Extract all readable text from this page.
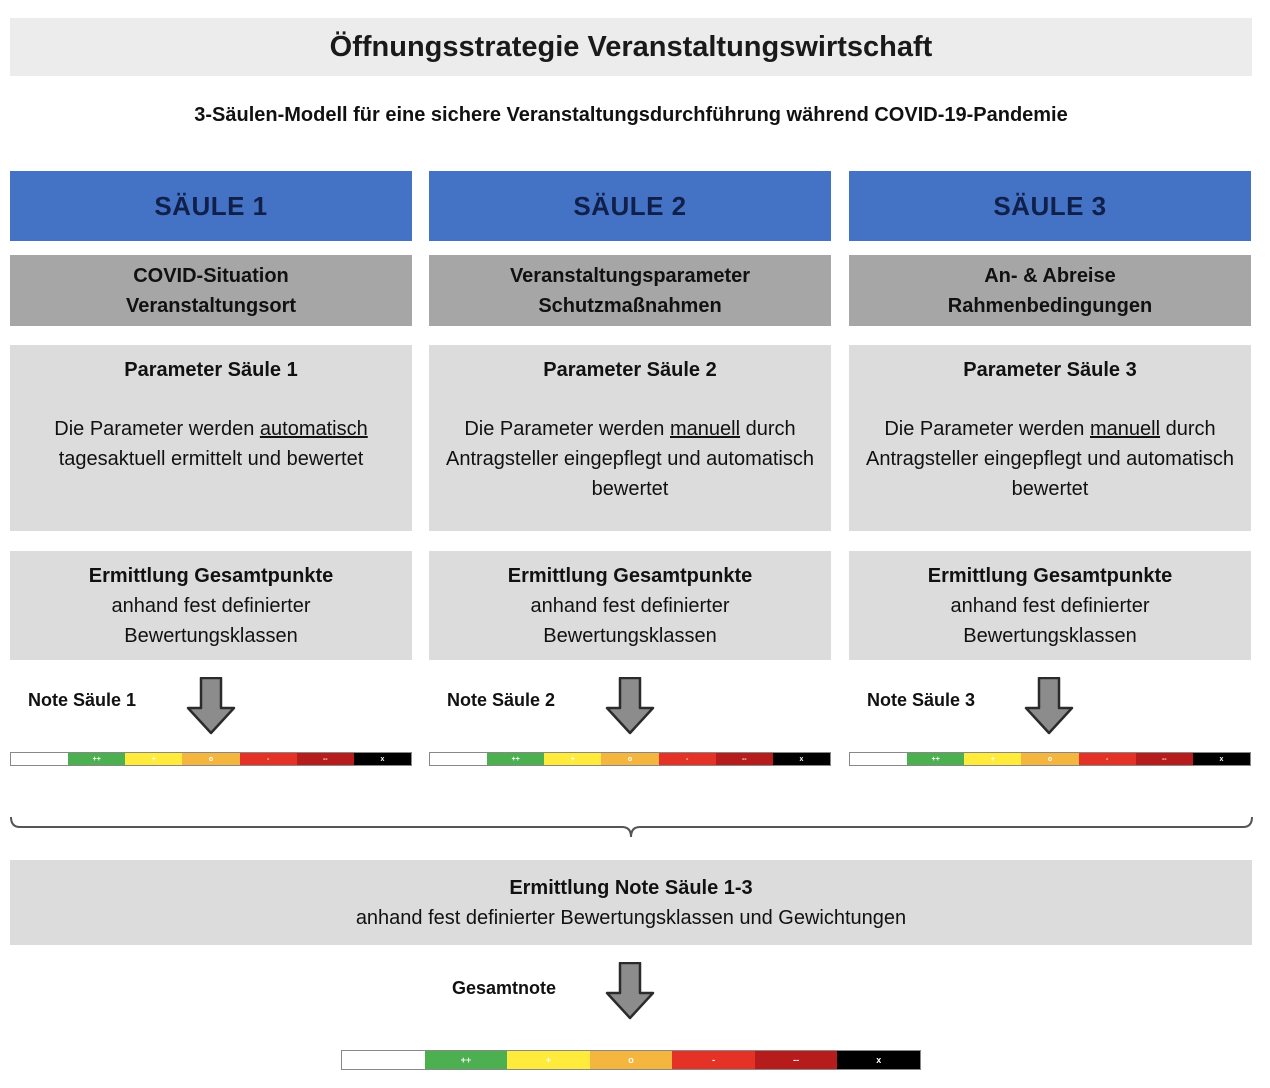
Öffnungsstrategie Veranstaltungswirtschaft
3-Säulen-Modell für eine sichere Veranstaltungsdurchführung während COVID-19-Pandemie
SÄULE 1
COVID-Situation
Veranstaltungsort
Parameter Säule 1
Die Parameter werden automatisch tagesaktuell ermittelt und bewertet
Ermittlung Gesamtpunkte
anhand fest definierter
Bewertungsklassen
Note Säule 1
++	+	o	-	--	x
SÄULE 2
Veranstaltungsparameter
Schutzmaßnahmen
Parameter Säule 2
Die Parameter werden manuell durch Antragsteller eingepflegt und automatisch bewertet
Ermittlung Gesamtpunkte
anhand fest definierter
Bewertungsklassen
Note Säule 2
++	+	o	-	--	x
SÄULE 3
An- & Abreise
Rahmenbedingungen
Parameter Säule 3
Die Parameter werden manuell durch Antragsteller eingepflegt und automatisch bewertet
Ermittlung Gesamtpunkte
anhand fest definierter
Bewertungsklassen
Note Säule 3
++	+	o	-	--	x
Ermittlung Note Säule 1-3
anhand fest definierter Bewertungsklassen und Gewichtungen
Gesamtnote
++	+	o	-	--	x
